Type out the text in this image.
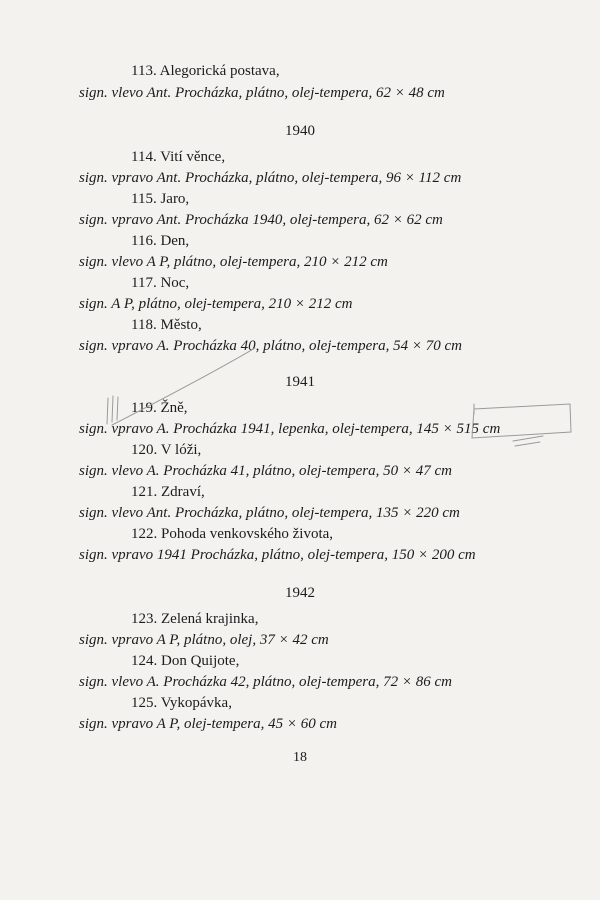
113. Alegorická postava,
sign. vlevo Ant. Procházka, plátno, olej-tempera, 62 × 48 cm
1940
114. Vití věnce,
sign. vpravo Ant. Procházka, plátno, olej-tempera, 96 × 112 cm
115. Jaro,
sign. vpravo Ant. Procházka 1940, olej-tempera, 62 × 62 cm
116. Den,
sign. vlevo A P, plátno, olej-tempera, 210 × 212 cm
117. Noc,
sign. A P, plátno, olej-tempera, 210 × 212 cm
118. Město,
sign. vpravo A. Procházka 40, plátno, olej-tempera, 54 × 70 cm
1941
119. Žně,
sign. vpravo A. Procházka 1941, lepenka, olej-tempera, 145 × 515 cm
120. V lóži,
sign. vlevo A. Procházka 41, plátno, olej-tempera, 50 × 47 cm
121. Zdraví,
sign. vlevo Ant. Procházka, plátno, olej-tempera, 135 × 220 cm
122. Pohoda venkovského života,
sign. vpravo 1941 Procházka, plátno, olej-tempera, 150 × 200 cm
1942
123. Zelená krajinka,
sign. vpravo A P, plátno, olej, 37 × 42 cm
124. Don Quijote,
sign. vlevo A. Procházka 42, plátno, olej-tempera, 72 × 86 cm
125. Vykopávka,
sign. vpravo A P, olej-tempera, 45 × 60 cm
18
